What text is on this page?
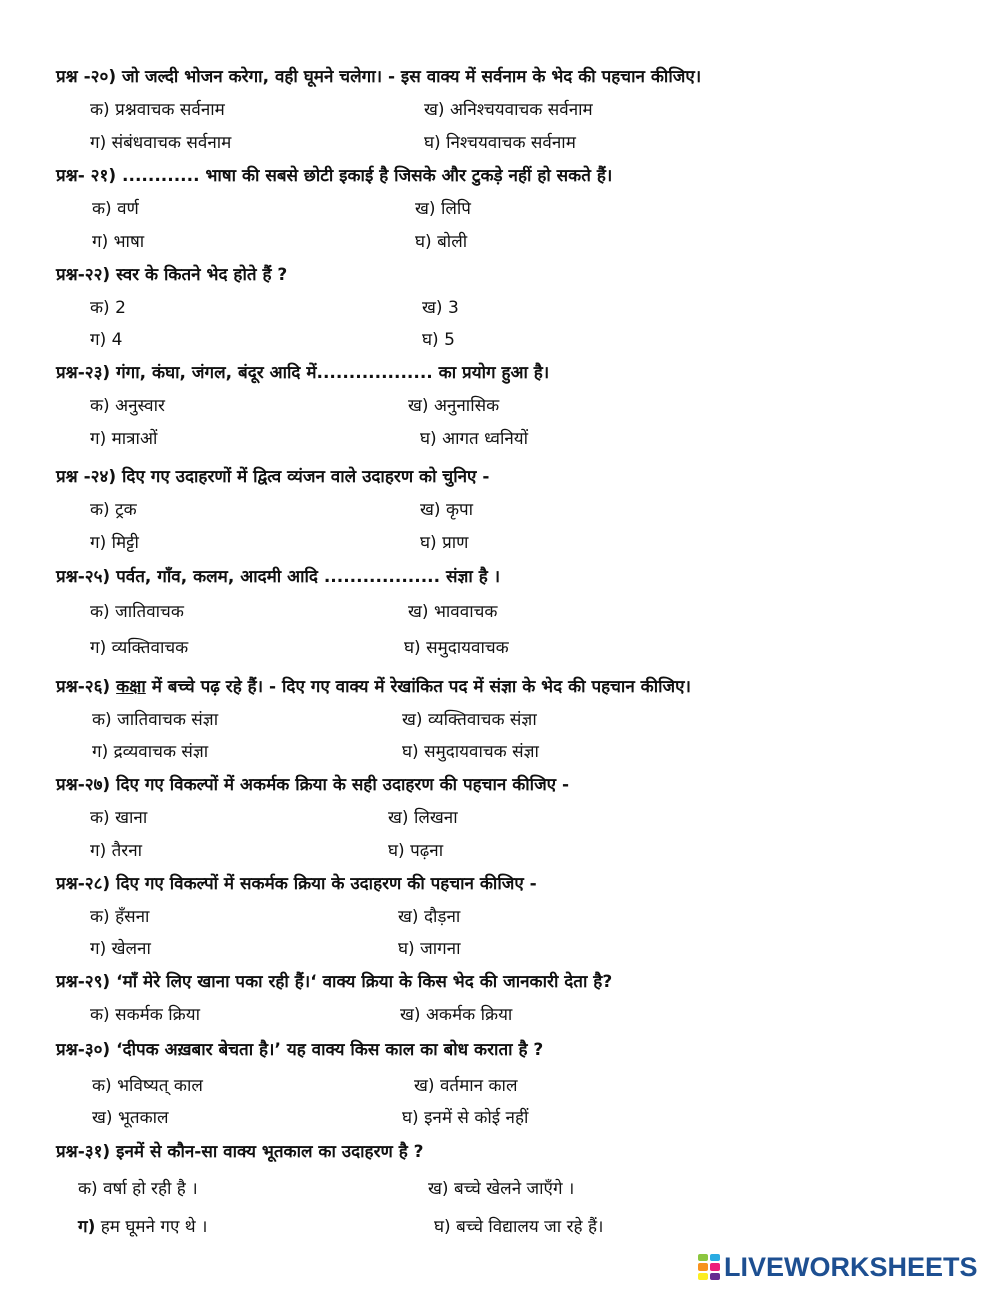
प्रश्न -२०) जो जल्दी भोजन करेगा, वही घूमने चलेगा। - इस वाक्य में सर्वनाम के भेद की पहचान कीजिए।
क) प्रश्नवाचक सर्वनाम	ख) अनिश्चयवाचक सर्वनाम
ग) संबंधवाचक सर्वनाम	घ) निश्चयवाचक सर्वनाम
प्रश्न- २१) ............ भाषा की सबसे छोटी इकाई है जिसके और टुकड़े नहीं हो सकते हैं।
क) वर्ण	ख) लिपि
ग) भाषा	घ) बोली
प्रश्न-२२) स्वर के कितने भेद होते हैं ?
क) 2	ख) 3
ग) 4	घ) 5
प्रश्न-२३) गंगा, कंघा, जंगल, बंदूर आदि में.................. का प्रयोग हुआ है।
क) अनुस्वार	ख) अनुनासिक
ग) मात्राओं	घ) आगत ध्वनियों
प्रश्न -२४) दिए गए उदाहरणों में द्वित्व व्यंजन वाले उदाहरण को चुनिए -
क) ट्रक	ख) कृपा
ग) मिट्टी	घ) प्राण
प्रश्न-२५) पर्वत, गाँव, कलम, आदमी आदि .................. संज्ञा है ।
क) जातिवाचक	ख) भाववाचक
ग) व्यक्तिवाचक	घ) समुदायवाचक
प्रश्न-२६) कक्षा में बच्चे पढ़ रहे हैं। - दिए गए वाक्य में रेखांकित पद में संज्ञा के भेद की पहचान कीजिए।
क) जातिवाचक संज्ञा	ख) व्यक्तिवाचक संज्ञा
ग) द्रव्यवाचक संज्ञा	घ) समुदायवाचक संज्ञा
प्रश्न-२७) दिए गए विकल्पों में अकर्मक क्रिया के सही उदाहरण की पहचान कीजिए -
क) खाना	ख) लिखना
ग) तैरना	घ) पढ़ना
प्रश्न-२८) दिए गए विकल्पों में सकर्मक क्रिया के उदाहरण की पहचान कीजिए -
क) हँसना	ख) दौड़ना
ग) खेलना	घ) जागना
प्रश्न-२९) ‘माँ मेरे लिए खाना पका रही हैं।‘ वाक्य क्रिया के किस भेद की जानकारी देता है?
क) सकर्मक क्रिया	ख) अकर्मक क्रिया
प्रश्न-३०) ‘दीपक अख़बार बेचता है।’ यह वाक्य किस काल का बोध कराता है ?
क) भविष्यत् काल	ख) वर्तमान काल
ख) भूतकाल	घ) इनमें से कोई नहीं
प्रश्न-३१) इनमें से कौन-सा वाक्य भूतकाल का उदाहरण है ?
क) वर्षा हो रही है ।	ख) बच्चे खेलने जाएँगे ।
ग) हम घूमने गए थे ।	घ) बच्चे विद्यालय जा रहे हैं।
LIVEWORKSHEETS
